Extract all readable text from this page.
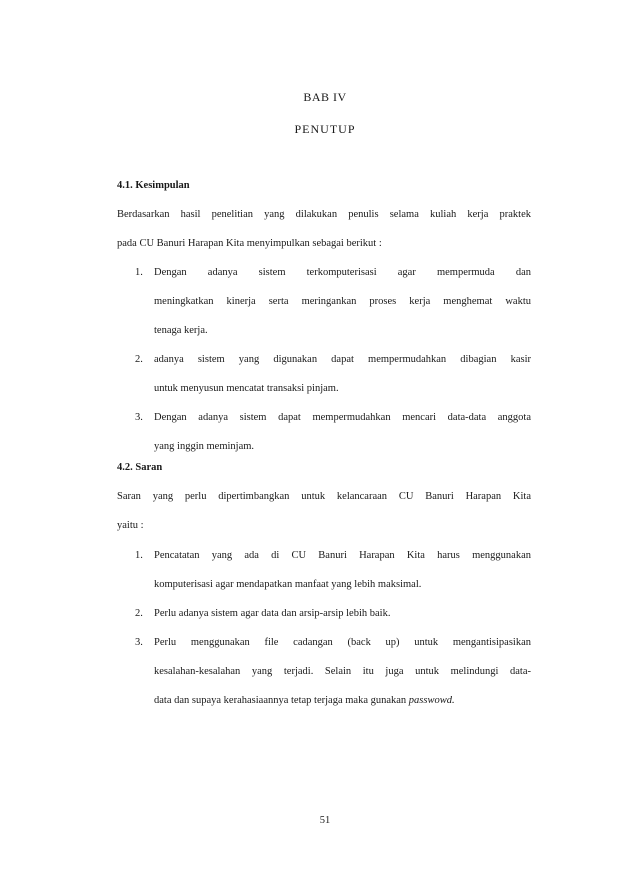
BAB IV
PENUTUP
4.1. Kesimpulan
Berdasarkan hasil penelitian yang dilakukan penulis selama kuliah kerja praktek
pada CU Banuri Harapan Kita menyimpulkan sebagai berikut :
1. Dengan adanya sistem terkomputerisasi agar mempermuda dan
meningkatkan kinerja serta meringankan proses kerja menghemat waktu
tenaga kerja.
2. adanya sistem yang digunakan dapat mempermudahkan dibagian kasir
untuk menyusun mencatat transaksi pinjam.
3. Dengan adanya sistem dapat mempermudahkan mencari data-data anggota
yang inggin meminjam.
4.2. Saran
Saran yang perlu dipertimbangkan untuk kelancaraan CU Banuri Harapan Kita
yaitu :
1. Pencatatan yang ada di CU Banuri Harapan Kita harus menggunakan
komputerisasi agar mendapatkan manfaat yang lebih maksimal.
2. Perlu adanya sistem agar data dan arsip-arsip lebih baik.
3. Perlu menggunakan file cadangan (back up) untuk mengantisipasikan
kesalahan-kesalahan yang terjadi. Selain itu juga untuk melindungi data-
data dan supaya kerahasiaannya tetap terjaga maka gunakan passwowd.
51
